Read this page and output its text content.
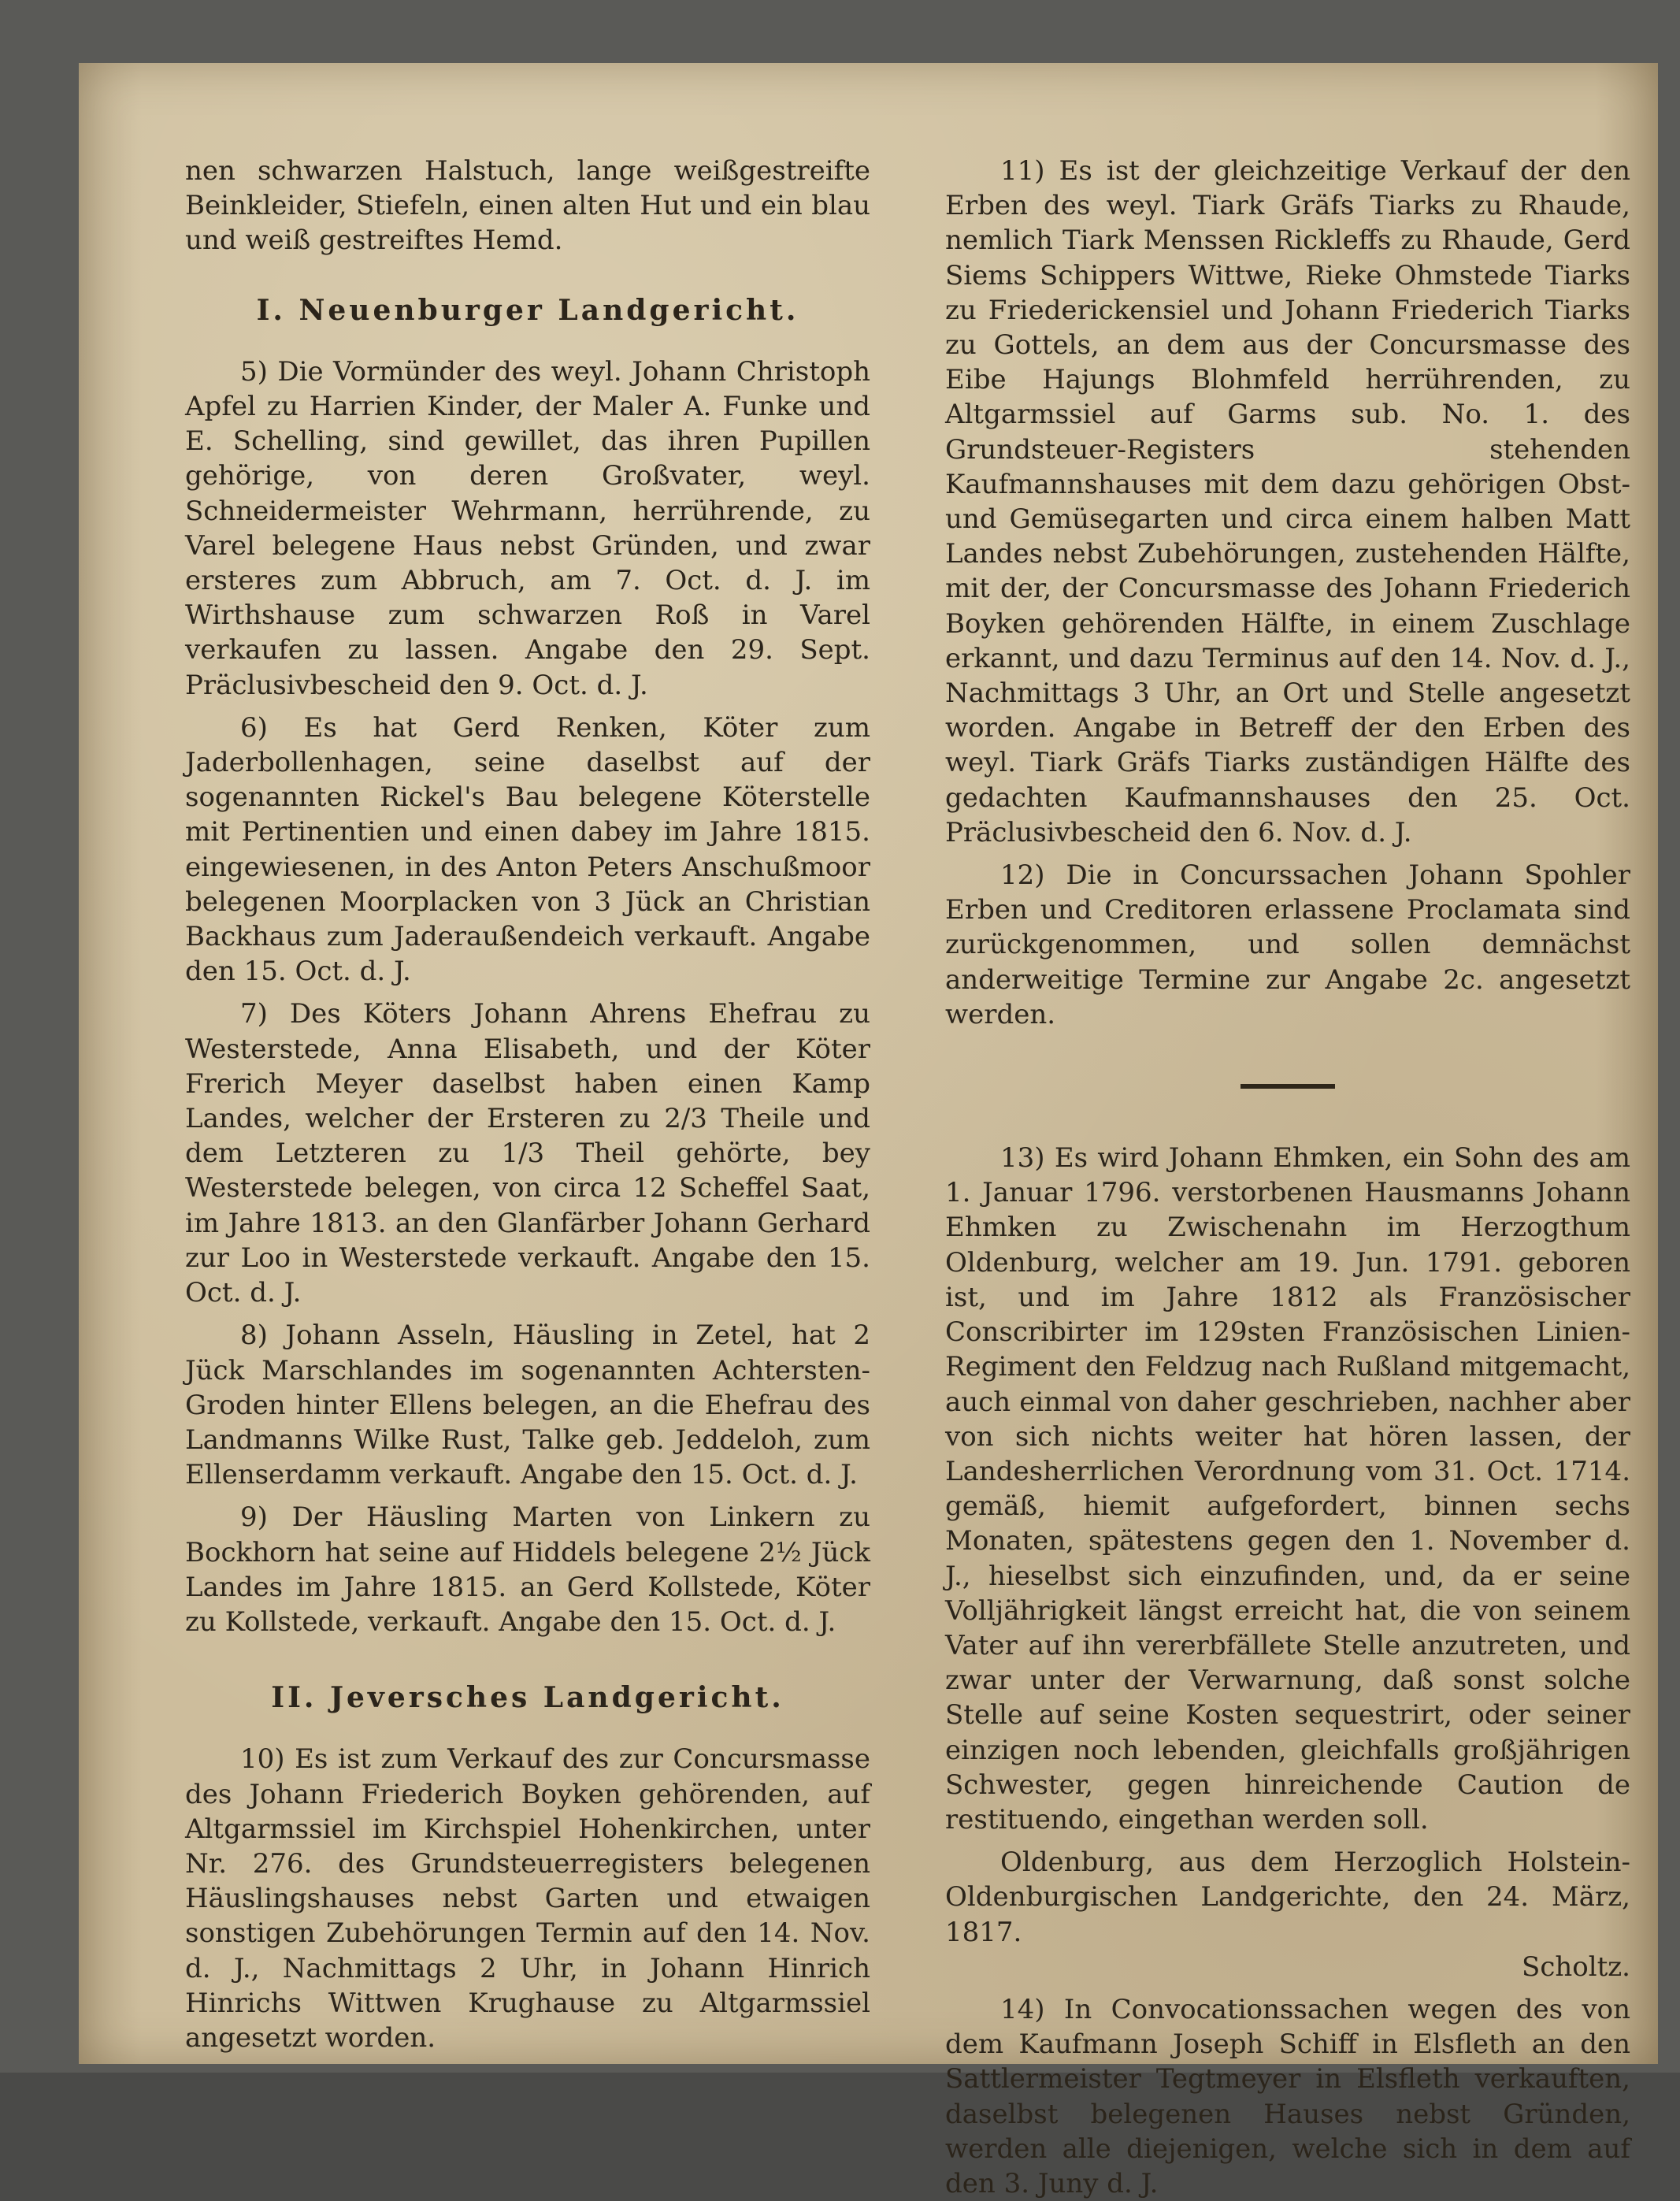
nen schwarzen Halstuch, lange weißgestreifte Beinkleider, Stiefeln, einen alten Hut und ein blau und weiß gestreiftes Hemd.

I. Neuenburger Landgericht.

5) Die Vormünder des weyl. Johann Christoph Apfel zu Harrien Kinder, der Maler A. Funke und E. Schelling, sind gewillet, das ihren Pupillen gehörige, von deren Großvater, weyl. Schneidermeister Wehrmann, herrührende, zu Varel belegene Haus nebst Gründen, und zwar ersteres zum Abbruch, am 7. Oct. d. J. im Wirthshause zum schwarzen Roß in Varel verkaufen zu lassen. Angabe den 29. Sept. Präclusivbescheid den 9. Oct. d. J.

6) Es hat Gerd Renken, Köter zum Jaderbollenhagen, seine daselbst auf der sogenannten Rickel's Bau belegene Köterstelle mit Pertinentien und einen dabey im Jahre 1815. eingewiesenen, in des Anton Peters Anschußmoor belegenen Moorplacken von 3 Jück an Christian Backhaus zum Jaderaußendeich verkauft. Angabe den 15. Oct. d. J.

7) Des Köters Johann Ahrens Ehefrau zu Westerstede, Anna Elisabeth, und der Köter Frerich Meyer daselbst haben einen Kamp Landes, welcher der Ersteren zu 2/3 Theile und dem Letzteren zu 1/3 Theil gehörte, bey Westerstede belegen, von circa 12 Scheffel Saat, im Jahre 1813. an den Glanfärber Johann Gerhard zur Loo in Westerstede verkauft. Angabe den 15. Oct. d. J.

8) Johann Asseln, Häusling in Zetel, hat 2 Jück Marschlandes im sogenannten Achtersten-Groden hinter Ellens belegen, an die Ehefrau des Landmanns Wilke Rust, Talke geb. Jeddeloh, zum Ellenserdamm verkauft. Angabe den 15. Oct. d. J.

9) Der Häusling Marten von Linkern zu Bockhorn hat seine auf Hiddels belegene 2½ Jück Landes im Jahre 1815. an Gerd Kollstede, Köter zu Kollstede, verkauft. Angabe den 15. Oct. d. J.

II. Jeversches Landgericht.

10) Es ist zum Verkauf des zur Concursmasse des Johann Friederich Boyken gehörenden, auf Altgarmssiel im Kirchspiel Hohenkirchen, unter Nr. 276. des Grundsteuerregisters belegenen Häuslingshauses nebst Garten und etwaigen sonstigen Zubehörungen Termin auf den 14. Nov. d. J., Nachmittags 2 Uhr, in Johann Hinrich Hinrichs Wittwen Krughause zu Altgarmssiel angesetzt worden.

11) Es ist der gleichzeitige Verkauf der den Erben des weyl. Tiark Gräfs Tiarks zu Rhaude, nemlich Tiark Menssen Rickleffs zu Rhaude, Gerd Siems Schippers Wittwe, Rieke Ohmstede Tiarks zu Friederickensiel und Johann Friederich Tiarks zu Gottels, an dem aus der Concursmasse des Eibe Hajungs Blohmfeld herrührenden, zu Altgarmssiel auf Garms sub. No. 1. des Grundsteuer-Registers stehenden Kaufmannshauses mit dem dazu gehörigen Obst- und Gemüsegarten und circa einem halben Matt Landes nebst Zubehörungen, zustehenden Hälfte, mit der, der Concursmasse des Johann Friederich Boyken gehörenden Hälfte, in einem Zuschlage erkannt, und dazu Terminus auf den 14. Nov. d. J., Nachmittags 3 Uhr, an Ort und Stelle angesetzt worden. Angabe in Betreff der den Erben des weyl. Tiark Gräfs Tiarks zuständigen Hälfte des gedachten Kaufmannshauses den 25. Oct. Präclusivbescheid den 6. Nov. d. J.

12) Die in Concurssachen Johann Spohler Erben und Creditoren erlassene Proclamata sind zurückgenommen, und sollen demnächst anderweitige Termine zur Angabe 2c. angesetzt werden.

13) Es wird Johann Ehmken, ein Sohn des am 1. Januar 1796. verstorbenen Hausmanns Johann Ehmken zu Zwischenahn im Herzogthum Oldenburg, welcher am 19. Jun. 1791. geboren ist, und im Jahre 1812 als Französischer Conscribirter im 129sten Französischen Linien-Regiment den Feldzug nach Rußland mitgemacht, auch einmal von daher geschrieben, nachher aber von sich nichts weiter hat hören lassen, der Landesherrlichen Verordnung vom 31. Oct. 1714. gemäß, hiemit aufgefordert, binnen sechs Monaten, spätestens gegen den 1. November d. J., hieselbst sich einzufinden, und, da er seine Volljährigkeit längst erreicht hat, die von seinem Vater auf ihn vererbfällete Stelle anzutreten, und zwar unter der Verwarnung, daß sonst solche Stelle auf seine Kosten sequestrirt, oder seiner einzigen noch lebenden, gleichfalls großjährigen Schwester, gegen hinreichende Caution de restituendo, eingethan werden soll.

Oldenburg, aus dem Herzoglich Holstein-Oldenburgischen Landgerichte, den 24. März, 1817.

Scholtz.

14) In Convocationssachen wegen des von dem Kaufmann Joseph Schiff in Elsfleth an den Sattlermeister Tegtmeyer in Elsfleth verkauften, daselbst belegenen Hauses nebst Gründen, werden alle diejenigen, welche sich in dem auf den 3. Juny d. J.
